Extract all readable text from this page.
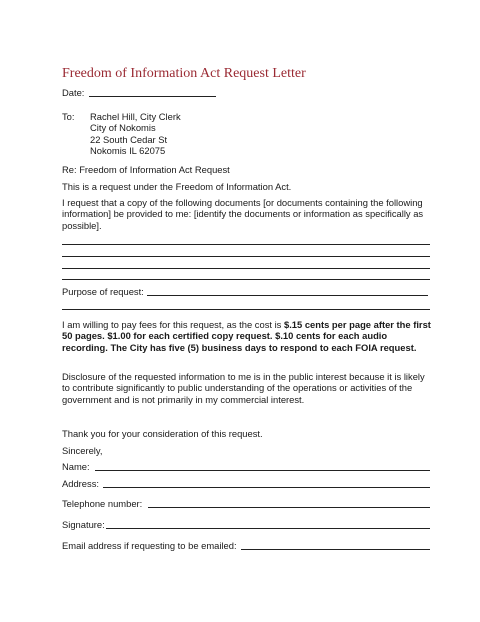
Freedom of Information Act Request Letter
Date:
To: Rachel Hill, City Clerk
City of Nokomis
22 South Cedar St
Nokomis IL 62075
Re: Freedom of Information Act Request
This is a request under the Freedom of Information Act.
I request that a copy of the following documents [or documents containing the following information] be provided to me: [identify the documents or information as specifically as possible].
Purpose of request:
I am willing to pay fees for this request, as the cost is $.15 cents per page after the first 50 pages. $1.00 for each certified copy request. $.10 cents for each audio recording. The City has five (5) business days to respond to each FOIA request.
Disclosure of the requested information to me is in the public interest because it is likely to contribute significantly to public understanding of the operations or activities of the government and is not primarily in my commercial interest.
Thank you for your consideration of this request.
Sincerely,
Name:
Address:
Telephone number:
Signature:
Email address if requesting to be emailed:
